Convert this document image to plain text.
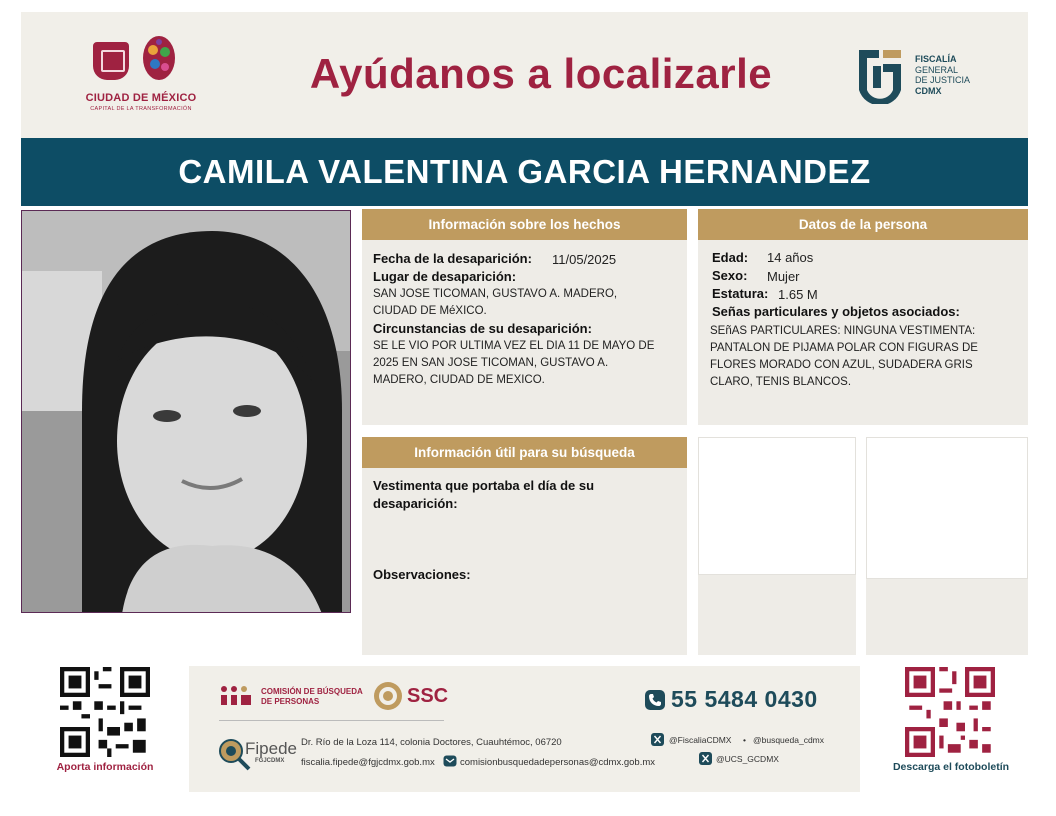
CIUDAD DE MÉXICO
CAPITAL DE LA TRANSFORMACIÓN
Ayúdanos a localizarle	FISCALÍA
GENERAL
DE JUSTICIA
CDMX
CAMILA VALENTINA GARCIA HERNANDEZ
Información sobre los hechos
Fecha de la desaparición: 11/05/2025
Lugar de desaparición:
SAN JOSE TICOMAN, GUSTAVO A. MADERO,
CIUDAD DE MéXICO.
Circunstancias de su desaparición:
SE LE VIO POR ULTIMA VEZ EL DIA 11 DE MAYO DE
2025 EN SAN JOSE TICOMAN, GUSTAVO A.
MADERO, CIUDAD DE MEXICO.
Datos de la persona
Edad: 14 años
Sexo: Mujer
Estatura: 1.65 M
Señas particulares y objetos asociados:
SEñAS PARTICULARES: NINGUNA VESTIMENTA:
PANTALON DE PIJAMA POLAR CON FIGURAS DE
FLORES MORADO CON AZUL, SUDADERA GRIS
CLARO, TENIS BLANCOS.
Información útil para su búsqueda
Vestimenta que portaba el día de su
desaparición:
Observaciones:
Aporta información
COMISIÓN DE BÚSQUEDA
DE PERSONAS	SSC	55 5484 0430
Fipede
FGJCDMX
Dr. Río de la Loza 114, colonia Doctores, Cuauhtémoc, 06720
fiscalia.fipede@fgjcdmx.gob.mx	comisionbusquedadepersonas@cdmx.gob.mx
@FiscaliaCDMX • @busqueda_cdmx
@UCS_GCDMX
Descarga el fotoboletín
